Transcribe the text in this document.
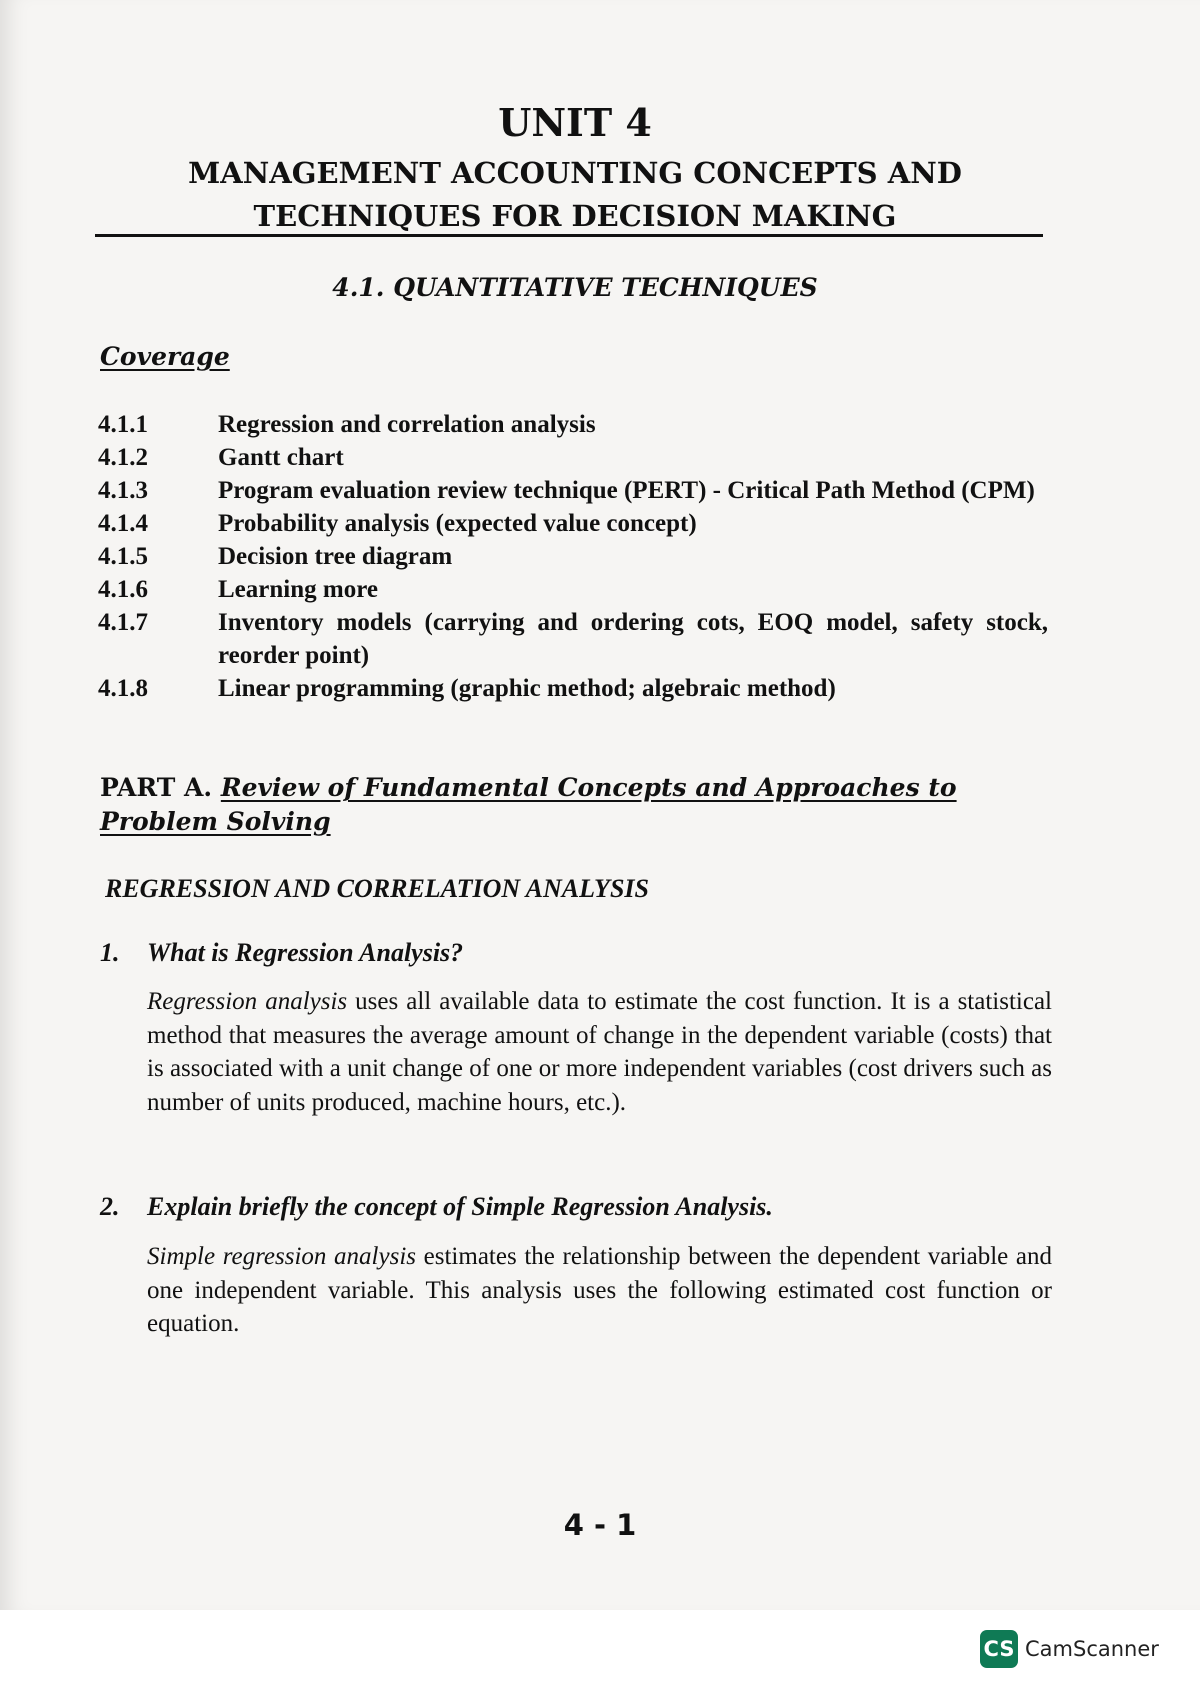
UNIT 4
MANAGEMENT ACCOUNTING CONCEPTS AND
TECHNIQUES FOR DECISION MAKING
4.1. QUANTITATIVE TECHNIQUES
Coverage
4.1.1	Regression and correlation analysis
4.1.2	Gantt chart
4.1.3	Program evaluation review technique (PERT) - Critical Path Method (CPM)
4.1.4	Probability analysis (expected value concept)
4.1.5	Decision tree diagram
4.1.6	Learning more
4.1.7	Inventory models (carrying and ordering cots, EOQ model, safety stock, reorder point)
4.1.8	Linear programming (graphic method; algebraic method)
PART A. Review of Fundamental Concepts and Approaches to Problem Solving
REGRESSION AND CORRELATION ANALYSIS
1. What is Regression Analysis?
Regression analysis uses all available data to estimate the cost function. It is a statistical method that measures the average amount of change in the dependent variable (costs) that is associated with a unit change of one or more independent variables (cost drivers such as number of units produced, machine hours, etc.).
2. Explain briefly the concept of Simple Regression Analysis.
Simple regression analysis estimates the relationship between the dependent variable and one independent variable. This analysis uses the following estimated cost function or equation.
4 - 1
CS CamScanner
